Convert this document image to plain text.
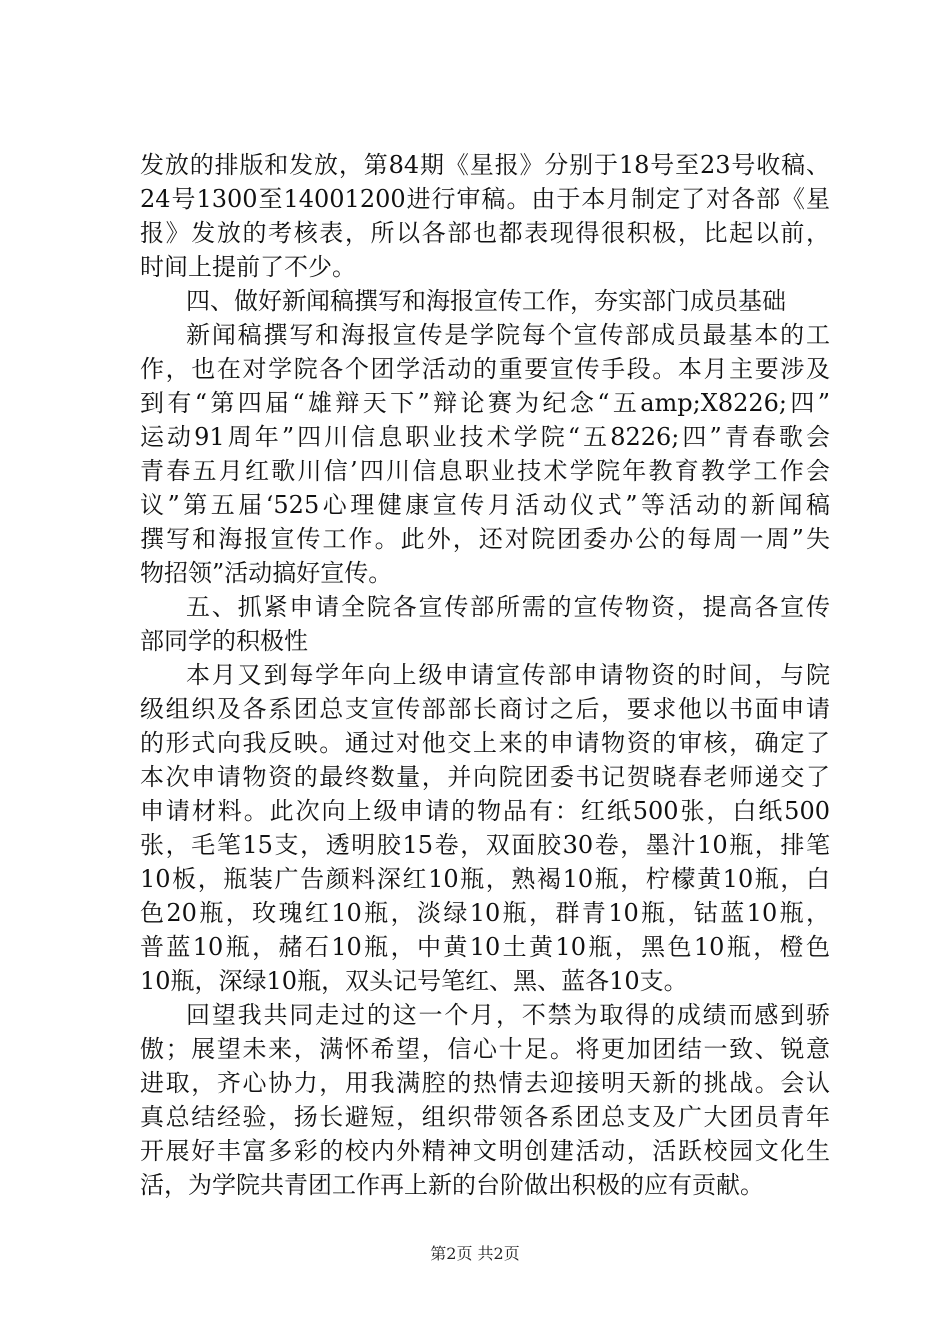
发放的排版和发放，第84期《星报》分别于18号至23号收稿、
24号1300至14001200进行审稿。由于本月制定了对各部《星
报》发放的考核表，所以各部也都表现得很积极，比起以前，
时间上提前了不少。
四、做好新闻稿撰写和海报宣传工作，夯实部门成员基础
新闻稿撰写和海报宣传是学院每个宣传部成员最基本的工
作，也在对学院各个团学活动的重要宣传手段。本月主要涉及
到有“第四届“雄辩天下”辩论赛为纪念“五amp;X8226;四”
运动91周年”四川信息职业技术学院“五8226;四”青春歌会
青春五月红歌川信’四川信息职业技术学院年教育教学工作会
议”第五届‘525心理健康宣传月活动仪式”等活动的新闻稿
撰写和海报宣传工作。此外，还对院团委办公的每周一周”失
物招领”活动搞好宣传。
五、抓紧申请全院各宣传部所需的宣传物资，提高各宣传
部同学的积极性
本月又到每学年向上级申请宣传部申请物资的时间，与院
级组织及各系团总支宣传部部长商讨之后，要求他以书面申请
的形式向我反映。通过对他交上来的申请物资的审核，确定了
本次申请物资的最终数量，并向院团委书记贺晓春老师递交了
申请材料。此次向上级申请的物品有：红纸500张，白纸500
张，毛笔15支，透明胶15卷，双面胶30卷，墨汁10瓶，排笔
10板，瓶装广告颜料深红10瓶，熟褐10瓶，柠檬黄10瓶，白
色20瓶，玫瑰红10瓶，淡绿10瓶，群青10瓶，钴蓝10瓶，
普蓝10瓶，赭石10瓶，中黄10土黄10瓶，黑色10瓶，橙色
10瓶，深绿10瓶，双头记号笔红、黑、蓝各10支。
回望我共同走过的这一个月，不禁为取得的成绩而感到骄
傲；展望未来，满怀希望，信心十足。将更加团结一致、锐意
进取，齐心协力，用我满腔的热情去迎接明天新的挑战。会认
真总结经验，扬长避短，组织带领各系团总支及广大团员青年
开展好丰富多彩的校内外精神文明创建活动，活跃校园文化生
活，为学院共青团工作再上新的台阶做出积极的应有贡献。
第2页 共2页
